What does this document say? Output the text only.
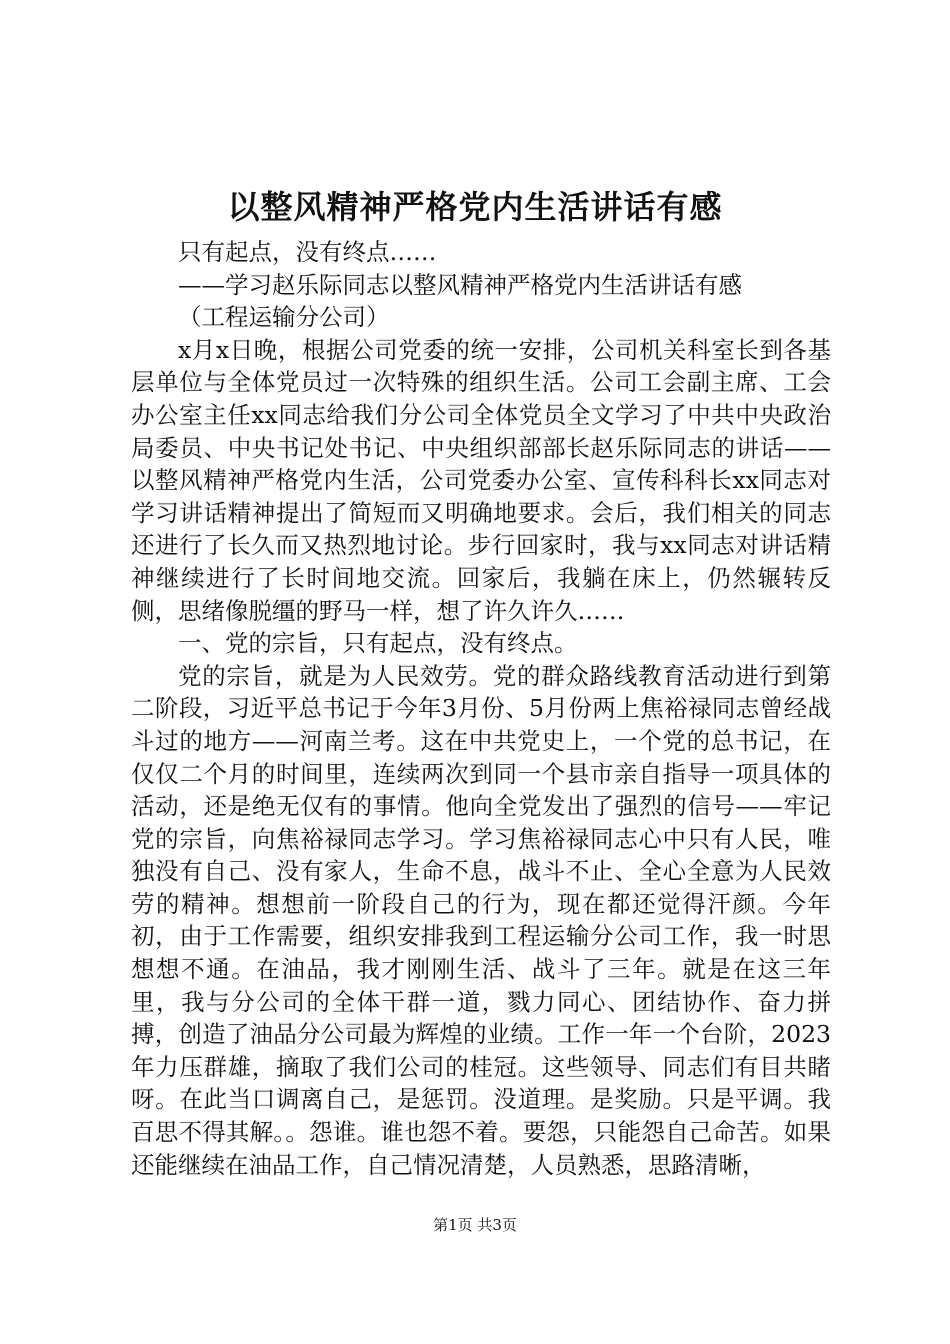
以整风精神严格党内生活讲话有感

只有起点，没有终点……

——学习赵乐际同志以整风精神严格党内生活讲话有感

（工程运输分公司）

x月x日晚，根据公司党委的统一安排，公司机关科室长到各基层单位与全体党员过一次特殊的组织生活。公司工会副主席、工会办公室主任xx同志给我们分公司全体党员全文学习了中共中央政治局委员、中央书记处书记、中央组织部部长赵乐际同志的讲话——以整风精神严格党内生活，公司党委办公室、宣传科科长xx同志对学习讲话精神提出了简短而又明确地要求。会后，我们相关的同志还进行了长久而又热烈地讨论。步行回家时，我与xx同志对讲话精神继续进行了长时间地交流。回家后，我躺在床上，仍然辗转反侧，思绪像脱缰的野马一样，想了许久许久……

一、党的宗旨，只有起点，没有终点。

党的宗旨，就是为人民效劳。党的群众路线教育活动进行到第二阶段，习近平总书记于今年3月份、5月份两上焦裕禄同志曾经战斗过的地方——河南兰考。这在中共党史上，一个党的总书记，在仅仅二个月的时间里，连续两次到同一个县市亲自指导一项具体的活动，还是绝无仅有的事情。他向全党发出了强烈的信号——牢记党的宗旨，向焦裕禄同志学习。学习焦裕禄同志心中只有人民，唯独没有自己、没有家人，生命不息，战斗不止、全心全意为人民效劳的精神。想想前一阶段自己的行为，现在都还觉得汗颜。今年初，由于工作需要，组织安排我到工程运输分公司工作，我一时思想想不通。在油品，我才刚刚生活、战斗了三年。就是在这三年里，我与分公司的全体干群一道，戮力同心、团结协作、奋力拼搏，创造了油品分公司最为辉煌的业绩。工作一年一个台阶，2023年力压群雄，摘取了我们公司的桂冠。这些领导、同志们有目共睹呀。在此当口调离自己，是惩罚。没道理。是奖励。只是平调。我百思不得其解。。怨谁。谁也怨不着。要怨，只能怨自己命苦。如果还能继续在油品工作，自己情况清楚，人员熟悉，思路清晰，

第1页 共3页
